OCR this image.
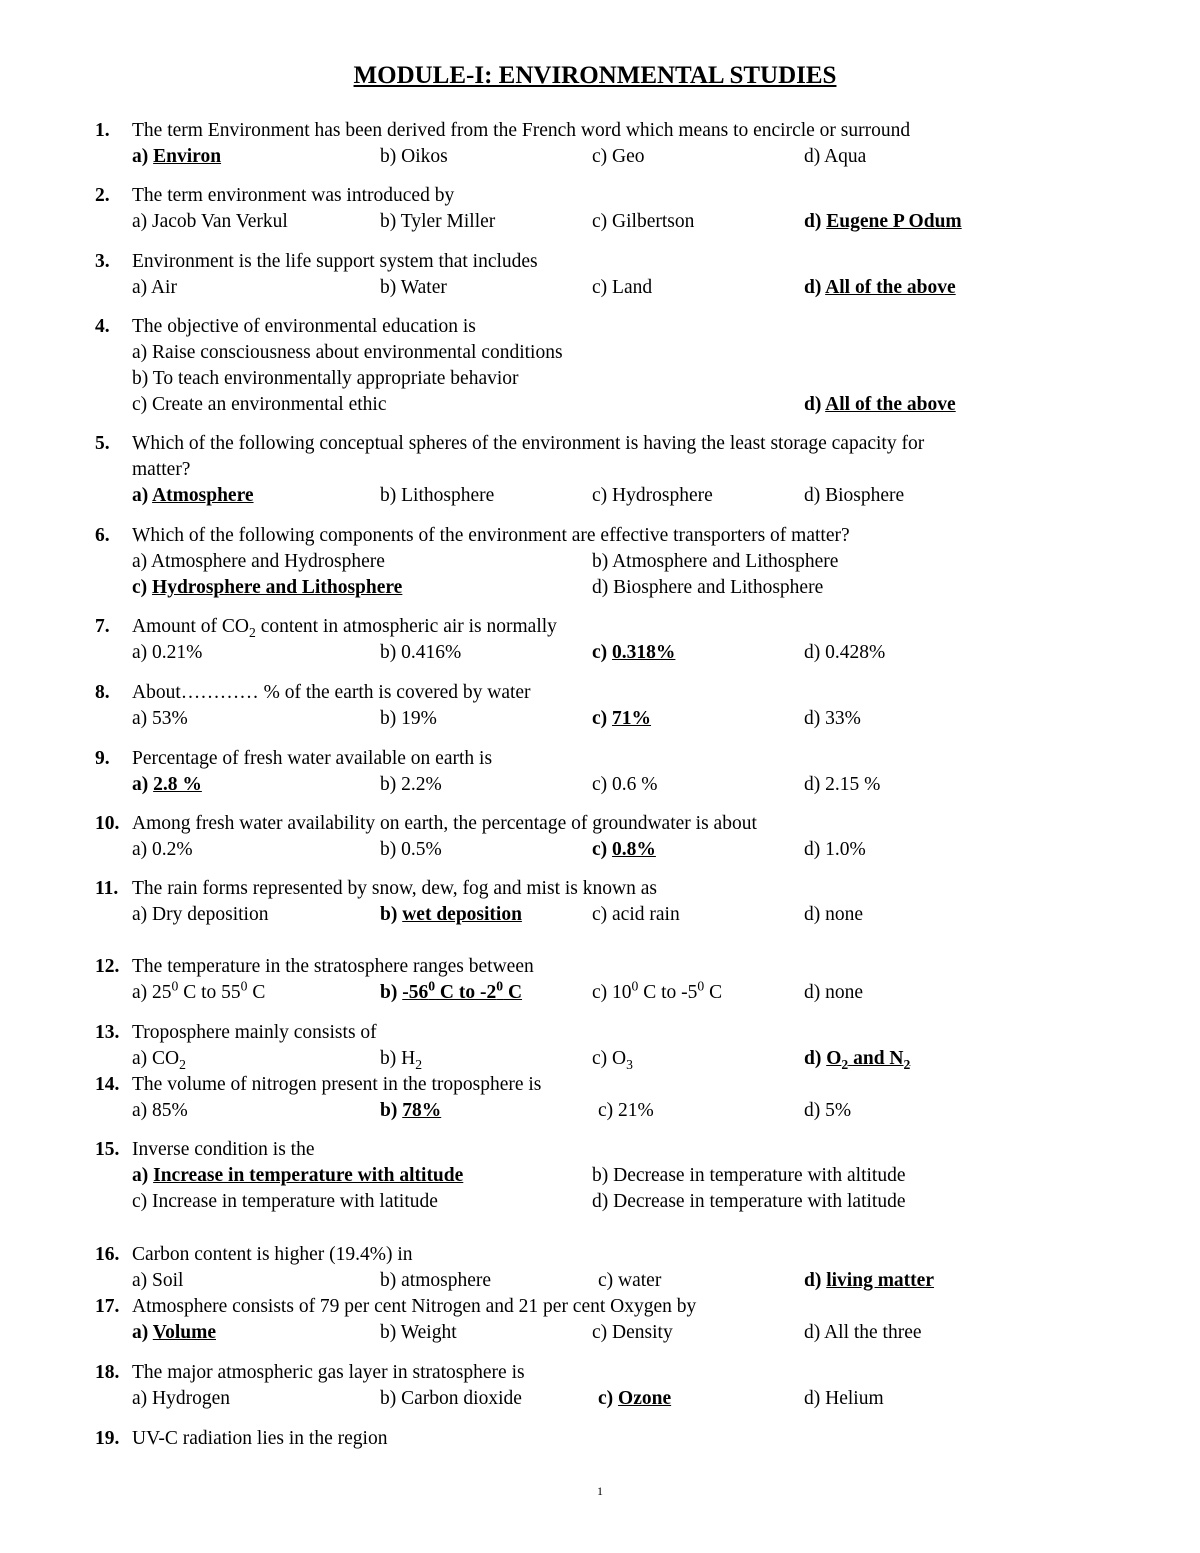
MODULE-I: ENVIRONMENTAL STUDIES
1. The term Environment has been derived from the French word which means to encircle or surround
a) Environ	b) Oikos	c) Geo	d) Aqua
2. The term environment was introduced by
a) Jacob Van Verkul	b) Tyler Miller	c) Gilbertson	d) Eugene P Odum
3. Environment is the life support system that includes
a) Air	b) Water	c) Land	d) All of the above
4. The objective of environmental education is
a) Raise consciousness about environmental conditions
b) To teach environmentally appropriate behavior
c) Create an environmental ethic	d) All of the above
5. Which of the following conceptual spheres of the environment is having the least storage capacity for
matter?
a) Atmosphere	b) Lithosphere	c) Hydrosphere	d) Biosphere
6. Which of the following components of the environment are effective transporters of matter?
a) Atmosphere and Hydrosphere	b) Atmosphere and Lithosphere
c) Hydrosphere and Lithosphere	d) Biosphere and Lithosphere
7. Amount of $CO_2$ content in atmospheric air is normally
a) 0.21%	b) 0.416%	c) 0.318%	d) 0.428%
8. About………… % of the earth is covered by water
a) 53%	b) 19%	c) 71%	d) 33%
9. Percentage of fresh water available on earth is
a) 2.8 %	b) 2.2%	c) 0.6 %	d) 2.15 %
10. Among fresh water availability on earth, the percentage of groundwater is about
a) 0.2%	b) 0.5%	c) 0.8%	d) 1.0%
11. The rain forms represented by snow, dew, fog and mist is known as
a) Dry deposition	b) wet deposition	c) acid rain	d) none
12. The temperature in the stratosphere ranges between
a) $25^0$ C to $55^0$ C	b) $-56^0$ C to $-2^0$ C	c) $10^0$ C to $-5^0$ C	d) none
13. Troposphere mainly consists of
a) $CO_2$	b) $H_2$	c) $O_3$	d) $O_2$ and $N_2$
14. The volume of nitrogen present in the troposphere is
a) 85%	b) 78%	c) 21%	d) 5%
15. Inverse condition is the
a) Increase in temperature with altitude	b) Decrease in temperature with altitude
c) Increase in temperature with latitude	d) Decrease in temperature with latitude
16. Carbon content is higher (19.4%) in
a) Soil	b) atmosphere	c) water	d) living matter
17. Atmosphere consists of 79 per cent Nitrogen and 21 per cent Oxygen by
a) Volume	b) Weight	c) Density	d) All the three
18. The major atmospheric gas layer in stratosphere is
a) Hydrogen	b) Carbon dioxide	c) Ozone	d) Helium
19. UV-C radiation lies in the region
1
